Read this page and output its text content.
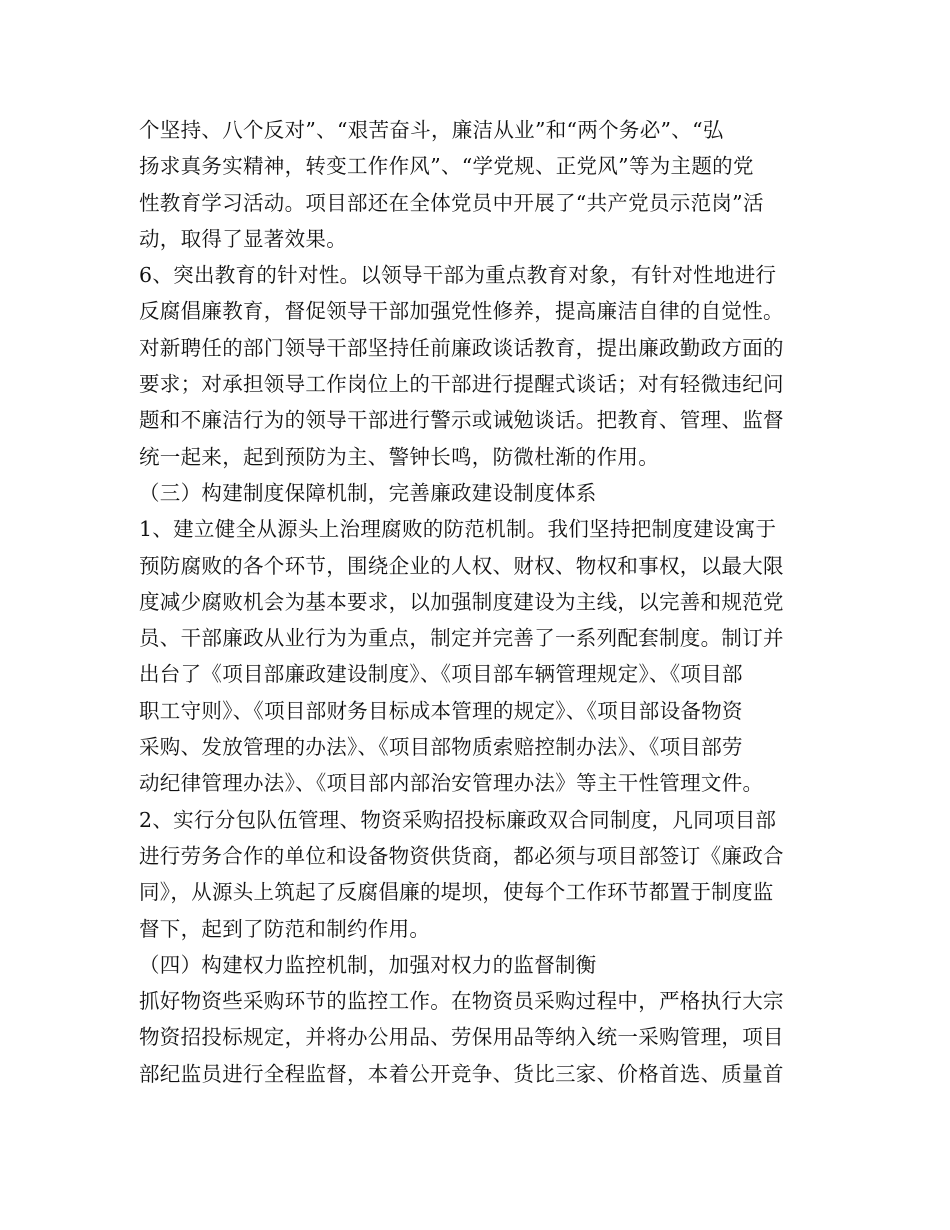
个坚持、八个反对”、“艰苦奋斗，廉洁从业”和“两个务必”、“弘
扬求真务实精神，转变工作作风”、“学党规、正党风”等为主题的党
性教育学习活动。项目部还在全体党员中开展了“共产党员示范岗”活
动，取得了显著效果。
6、突出教育的针对性。以领导干部为重点教育对象，有针对性地进行
反腐倡廉教育，督促领导干部加强党性修养，提高廉洁自律的自觉性。
对新聘任的部门领导干部坚持任前廉政谈话教育，提出廉政勤政方面的
要求；对承担领导工作岗位上的干部进行提醒式谈话；对有轻微违纪问
题和不廉洁行为的领导干部进行警示或诫勉谈话。把教育、管理、监督
统一起来，起到预防为主、警钟长鸣，防微杜渐的作用。
（三）构建制度保障机制，完善廉政建设制度体系
1、建立健全从源头上治理腐败的防范机制。我们坚持把制度建设寓于
预防腐败的各个环节，围绕企业的人权、财权、物权和事权，以最大限
度减少腐败机会为基本要求，以加强制度建设为主线，以完善和规范党
员、干部廉政从业行为为重点，制定并完善了一系列配套制度。制订并
出台了《项目部廉政建设制度》、《项目部车辆管理规定》、《项目部
职工守则》、《项目部财务目标成本管理的规定》、《项目部设备物资
采购、发放管理的办法》、《项目部物质索赔控制办法》、《项目部劳
动纪律管理办法》、《项目部内部治安管理办法》等主干性管理文件。
2、实行分包队伍管理、物资采购招投标廉政双合同制度，凡同项目部
进行劳务合作的单位和设备物资供货商，都必须与项目部签订《廉政合
同》，从源头上筑起了反腐倡廉的堤坝，使每个工作环节都置于制度监
督下，起到了防范和制约作用。
（四）构建权力监控机制，加强对权力的监督制衡
抓好物资些采购环节的监控工作。在物资员采购过程中，严格执行大宗
物资招投标规定，并将办公用品、劳保用品等纳入统一采购管理，项目
部纪监员进行全程监督，本着公开竞争、货比三家、价格首选、质量首
